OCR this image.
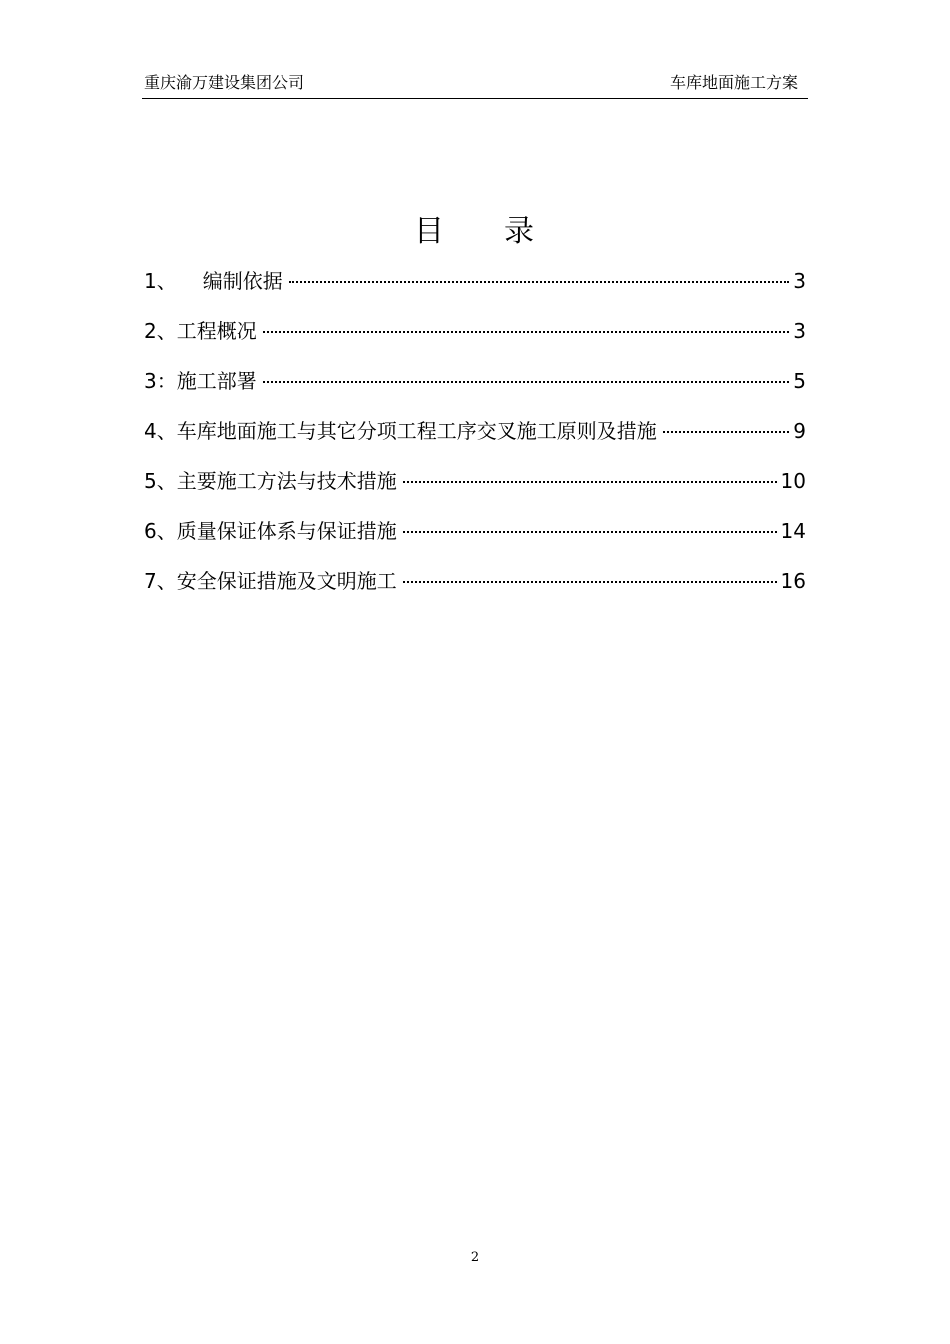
重庆渝万建设集团公司	车库地面施工方案
目 录
1、 编制依据	3
2、工程概况	3
3：施工部署	5
4、车库地面施工与其它分项工程工序交叉施工原则及措施	9
5、主要施工方法与技术措施	10
6、质量保证体系与保证措施	14
7、安全保证措施及文明施工	16
2
